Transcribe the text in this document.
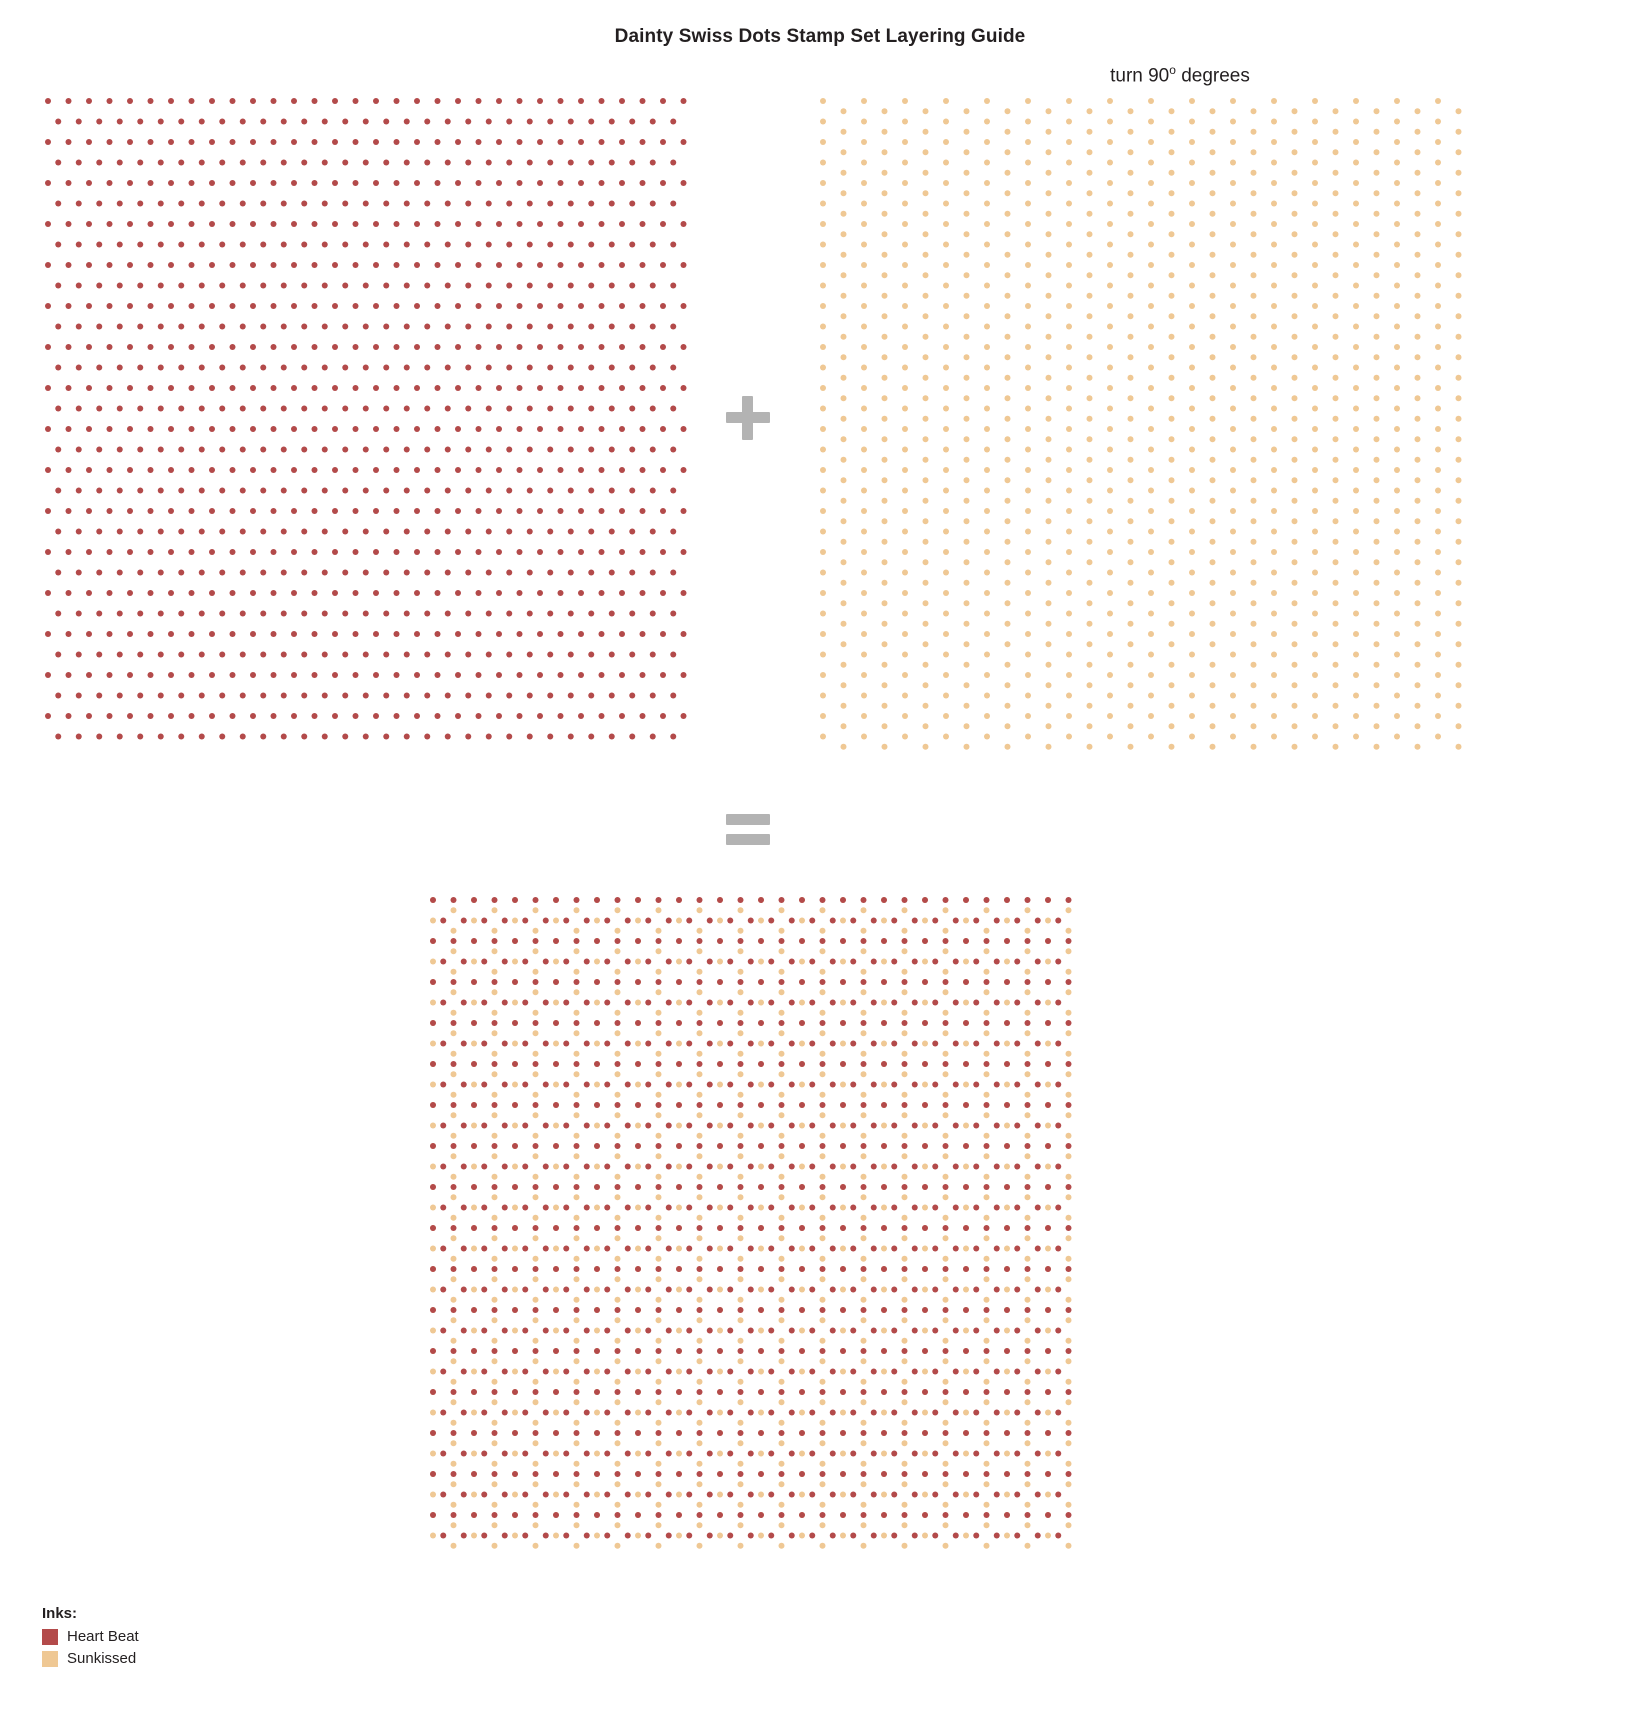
Dainty Swiss Dots Stamp Set Layering Guide
turn 90$^o$ degrees
Inks:
Heart Beat
Sunkissed
